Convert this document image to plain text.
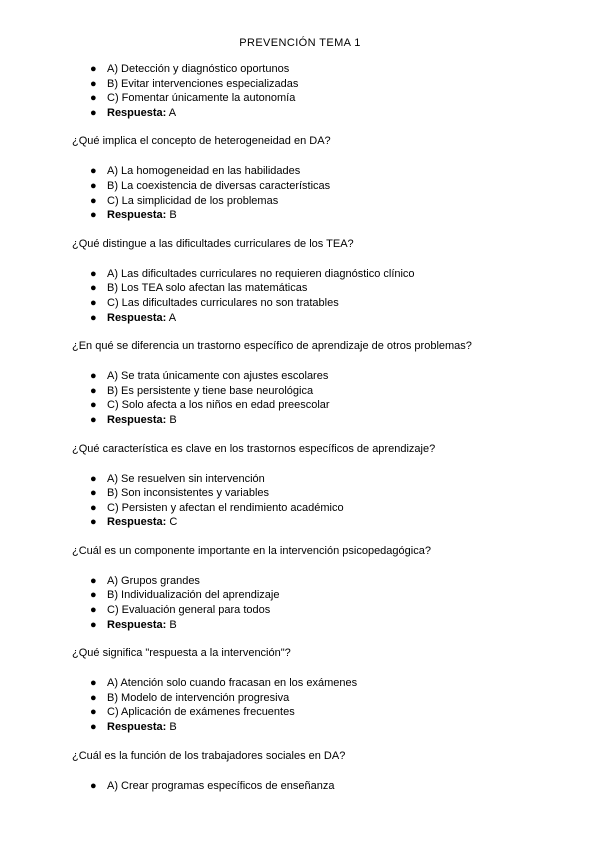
PREVENCIÓN TEMA 1
● A) Detección y diagnóstico oportunos
● B) Evitar intervenciones especializadas
● C) Fomentar únicamente la autonomía
● Respuesta: A

¿Qué implica el concepto de heterogeneidad en DA?

● A) La homogeneidad en las habilidades
● B) La coexistencia de diversas características
● C) La simplicidad de los problemas
● Respuesta: B

¿Qué distingue a las dificultades curriculares de los TEA?

● A) Las dificultades curriculares no requieren diagnóstico clínico
● B) Los TEA solo afectan las matemáticas
● C) Las dificultades curriculares no son tratables
● Respuesta: A

¿En qué se diferencia un trastorno específico de aprendizaje de otros problemas?

● A) Se trata únicamente con ajustes escolares
● B) Es persistente y tiene base neurológica
● C) Solo afecta a los niños en edad preescolar
● Respuesta: B

¿Qué característica es clave en los trastornos específicos de aprendizaje?

● A) Se resuelven sin intervención
● B) Son inconsistentes y variables
● C) Persisten y afectan el rendimiento académico
● Respuesta: C

¿Cuál es un componente importante en la intervención psicopedagógica?

● A) Grupos grandes
● B) Individualización del aprendizaje
● C) Evaluación general para todos
● Respuesta: B

¿Qué significa "respuesta a la intervención"?

● A) Atención solo cuando fracasan en los exámenes
● B) Modelo de intervención progresiva
● C) Aplicación de exámenes frecuentes
● Respuesta: B

¿Cuál es la función de los trabajadores sociales en DA?

● A) Crear programas específicos de enseñanza
